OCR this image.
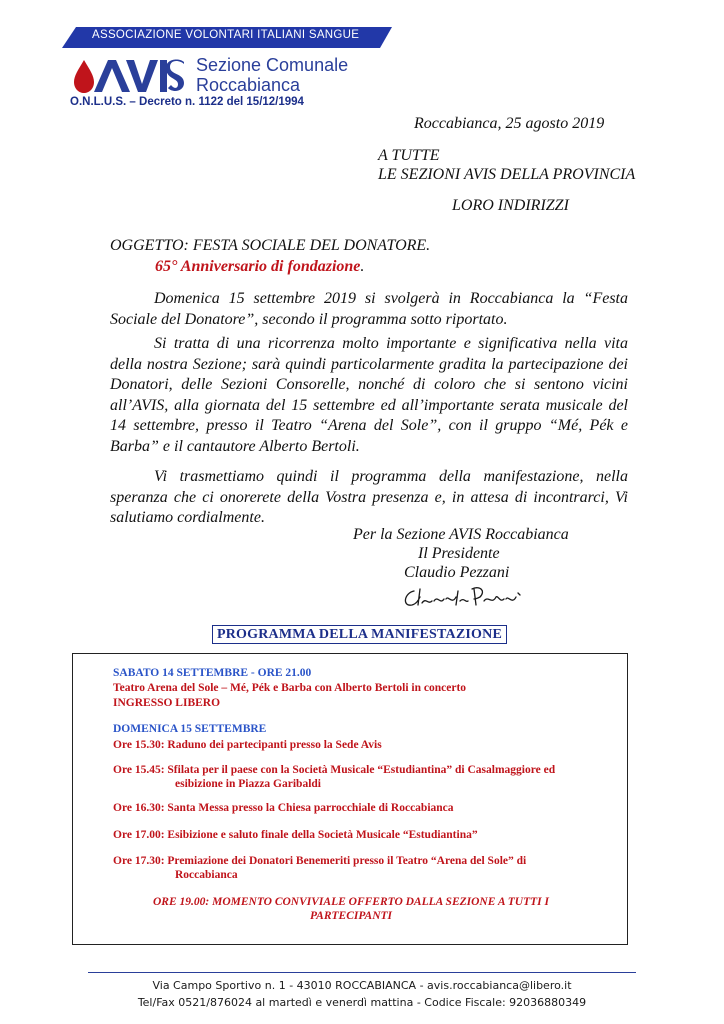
ASSOCIAZIONE VOLONTARI ITALIANI SANGUE
Sezione Comunale
Roccabianca
O.N.L.U.S. – Decreto n. 1122 del 15/12/1994
Roccabianca, 25 agosto 2019
A TUTTE
LE SEZIONI AVIS DELLA PROVINCIA
LORO INDIRIZZI
OGGETTO: FESTA SOCIALE DEL DONATORE.
65° Anniversario di fondazione.

Domenica 15 settembre 2019 si svolgerà in Roccabianca la “Festa Sociale del Donatore”, secondo il programma sotto riportato.

Si tratta di una ricorrenza molto importante e significativa nella vita della nostra Sezione; sarà quindi particolarmente gradita la partecipazione dei Donatori, delle Sezioni Consorelle, nonché di coloro che si sentono vicini all’AVIS, alla giornata del 15 settembre ed all’importante serata musicale del 14 settembre, presso il Teatro “Arena del Sole”, con il gruppo “Mé, Pék e Barba” e il cantautore Alberto Bertoli.

Vi trasmettiamo quindi il programma della manifestazione, nella speranza che ci onorerete della Vostra presenza e, in attesa di incontrarci, Vi salutiamo cordialmente.

Per la Sezione AVIS Roccabianca
Il Presidente
Claudio Pezzani
PROGRAMMA DELLA MANIFESTAZIONE
SABATO 14 SETTEMBRE - ORE 21.00
Teatro Arena del Sole – Mé, Pék e Barba con Alberto Bertoli in concerto
INGRESSO LIBERO
DOMENICA 15 SETTEMBRE
Ore 15.30: Raduno dei partecipanti presso la Sede Avis
Ore 15.45: Sfilata per il paese con la Società Musicale “Estudiantina” di Casalmaggiore ed
esibizione in Piazza Garibaldi
Ore 16.30: Santa Messa presso la Chiesa parrocchiale di Roccabianca
Ore 17.00: Esibizione e saluto finale della Società Musicale “Estudiantina”
Ore 17.30: Premiazione dei Donatori Benemeriti presso il Teatro “Arena del Sole” di
Roccabianca
ORE 19.00: MOMENTO CONVIVIALE OFFERTO DALLA SEZIONE A TUTTI I
PARTECIPANTI
Via Campo Sportivo n. 1 - 43010 ROCCABIANCA - avis.roccabianca@libero.it
Tel/Fax 0521/876024 al martedì e venerdì mattina - Codice Fiscale: 92036880349
